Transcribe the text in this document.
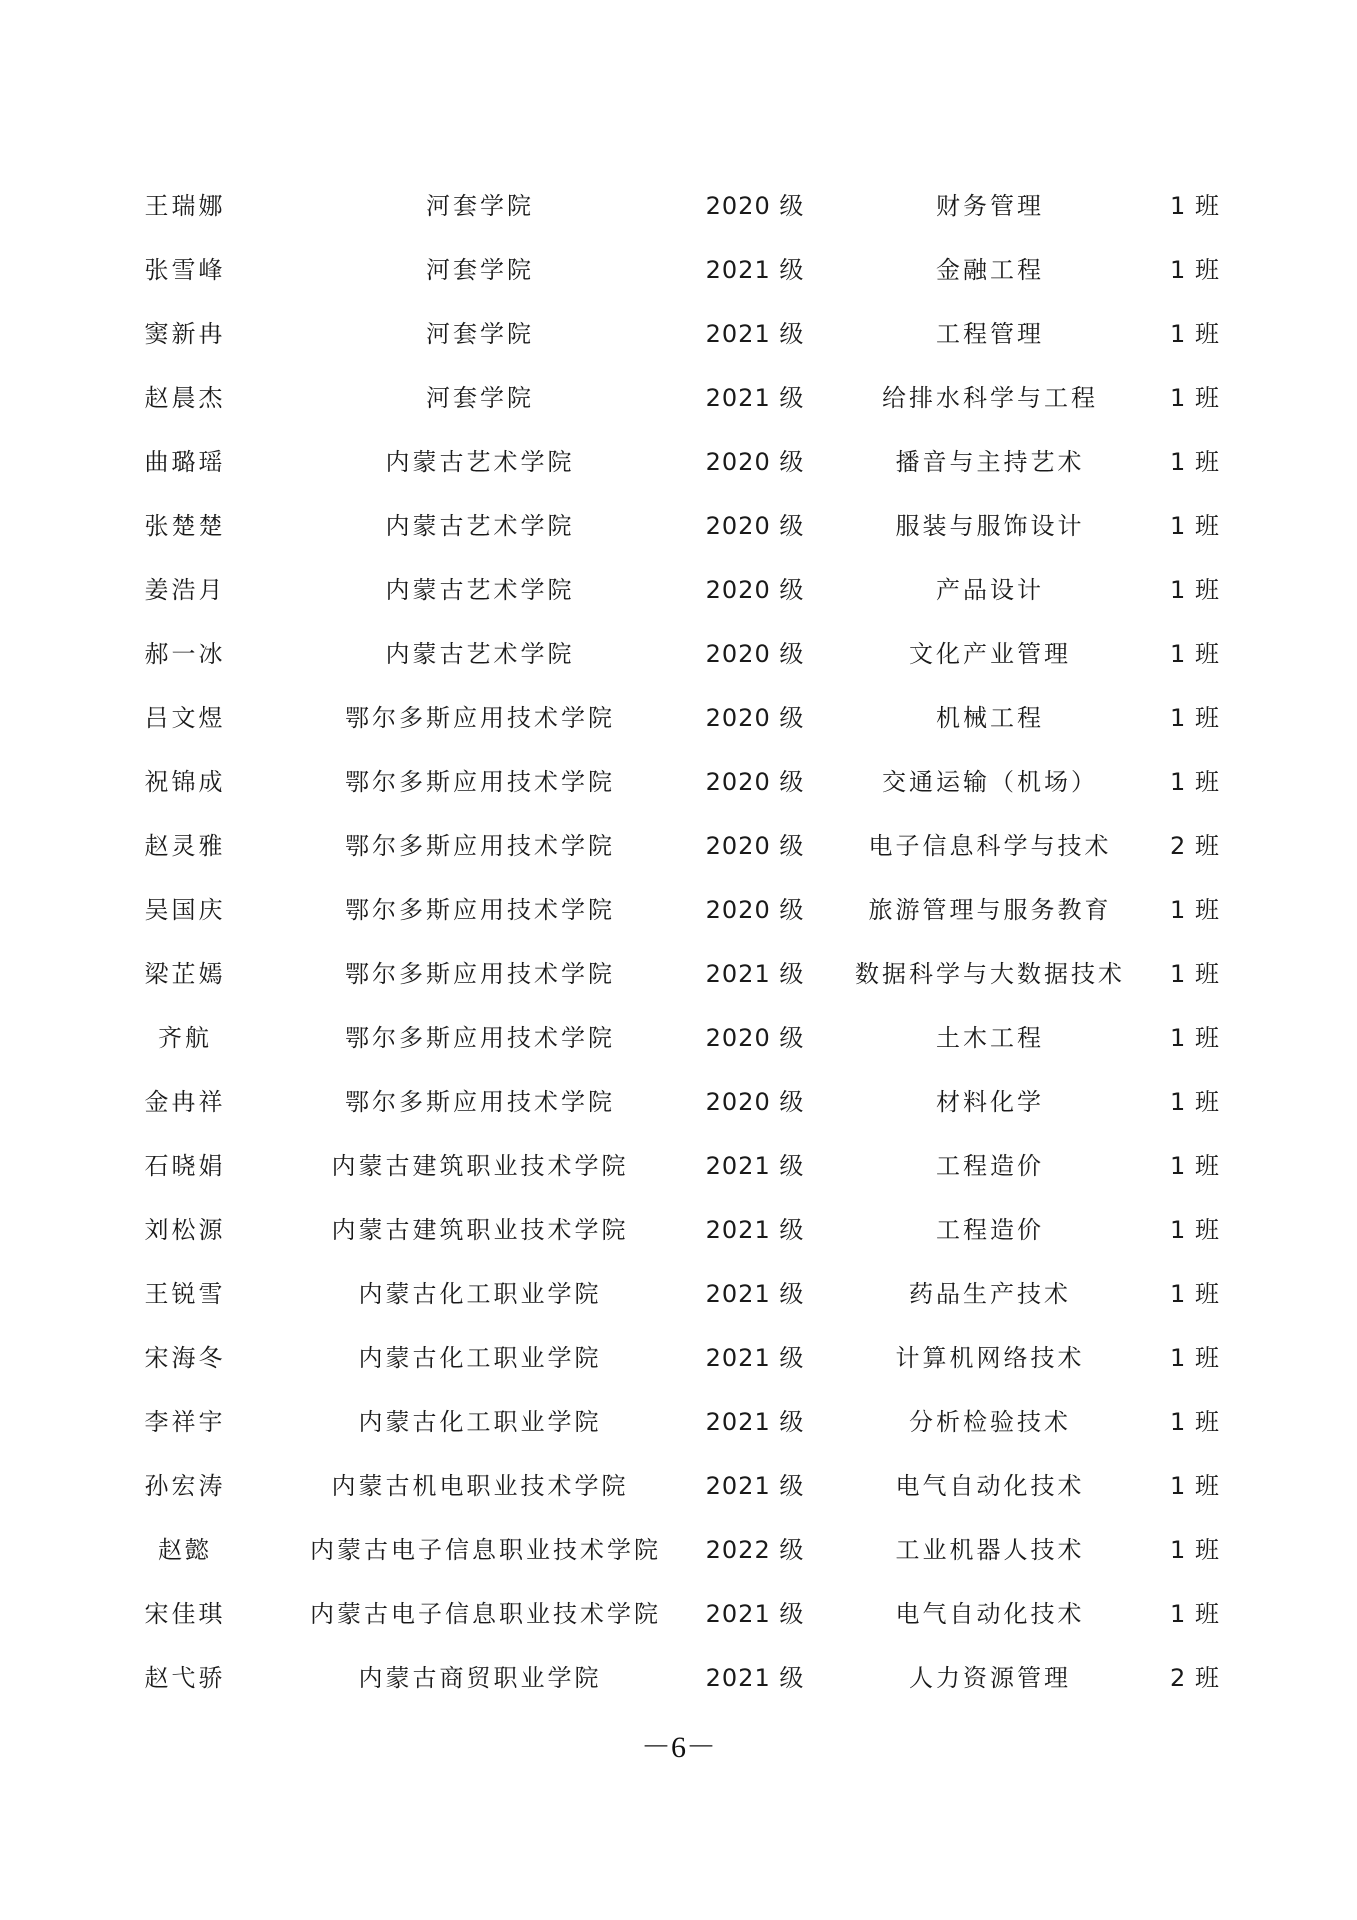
王瑞娜	河套学院	2020 级	财务管理	1 班
张雪峰	河套学院	2021 级	金融工程	1 班
窦新冉	河套学院	2021 级	工程管理	1 班
赵晨杰	河套学院	2021 级	给排水科学与工程	1 班
曲璐瑶	内蒙古艺术学院	2020 级	播音与主持艺术	1 班
张楚楚	内蒙古艺术学院	2020 级	服装与服饰设计	1 班
姜浩月	内蒙古艺术学院	2020 级	产品设计	1 班
郝一冰	内蒙古艺术学院	2020 级	文化产业管理	1 班
吕文煜	鄂尔多斯应用技术学院	2020 级	机械工程	1 班
祝锦成	鄂尔多斯应用技术学院	2020 级	交通运输（机场）	1 班
赵灵雅	鄂尔多斯应用技术学院	2020 级	电子信息科学与技术	2 班
吴国庆	鄂尔多斯应用技术学院	2020 级	旅游管理与服务教育	1 班
梁芷嫣	鄂尔多斯应用技术学院	2021 级	数据科学与大数据技术	1 班
齐航	鄂尔多斯应用技术学院	2020 级	土木工程	1 班
金冉祥	鄂尔多斯应用技术学院	2020 级	材料化学	1 班
石晓娟	内蒙古建筑职业技术学院	2021 级	工程造价	1 班
刘松源	内蒙古建筑职业技术学院	2021 级	工程造价	1 班
王锐雪	内蒙古化工职业学院	2021 级	药品生产技术	1 班
宋海冬	内蒙古化工职业学院	2021 级	计算机网络技术	1 班
李祥宇	内蒙古化工职业学院	2021 级	分析检验技术	1 班
孙宏涛	内蒙古机电职业技术学院	2021 级	电气自动化技术	1 班
赵懿	内蒙古电子信息职业技术学院	2022 级	工业机器人技术	1 班
宋佳琪	内蒙古电子信息职业技术学院	2021 级	电气自动化技术	1 班
赵弋骄	内蒙古商贸职业学院	2021 级	人力资源管理	2 班
－6－
